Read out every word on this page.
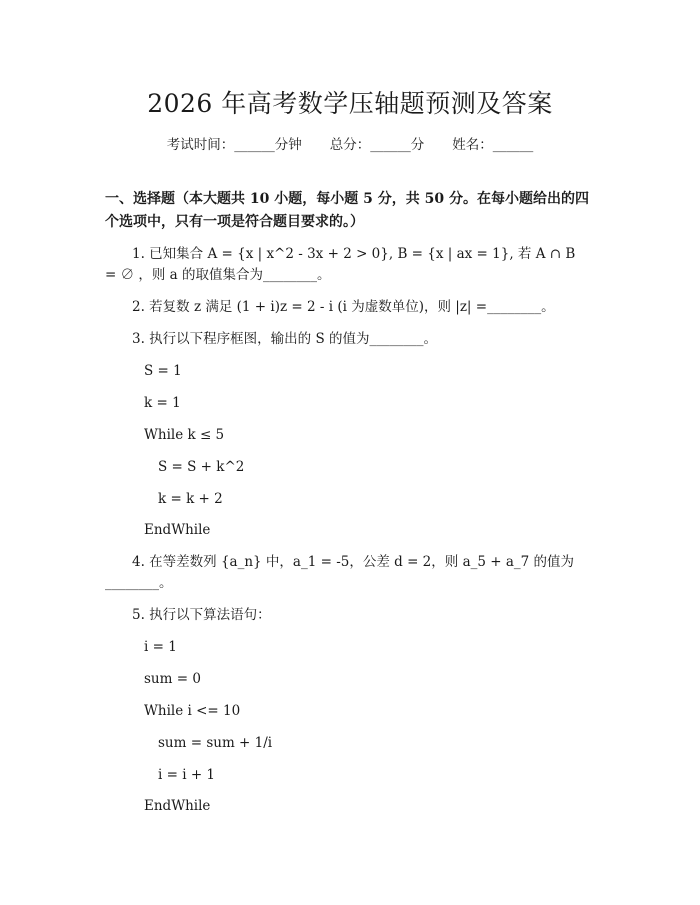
2026 年高考数学压轴题预测及答案
考试时间：______分钟 总分：______分 姓名：______
一、选择题（本大题共 10 小题，每小题 5 分，共 50 分。在每小题给出的四个选项中，只有一项是符合题目要求的。）
1. 已知集合 A = {x | x^2 - 3x + 2 > 0}, B = {x | ax = 1}, 若 A ∩ B
= ∅ ，则 a 的取值集合为________。
2. 若复数 z 满足 (1 + i)z = 2 - i (i 为虚数单位)，则 |z| =________。
3. 执行以下程序框图，输出的 S 的值为________。
S = 1
k = 1
While k ≤ 5
S = S + k^2
k = k + 2
EndWhile
4. 在等差数列 {a_n} 中，a_1 = -5，公差 d = 2，则 a_5 + a_7 的值为
________。
5. 执行以下算法语句：
i = 1
sum = 0
While i <= 10
sum = sum + 1/i
i = i + 1
EndWhile
